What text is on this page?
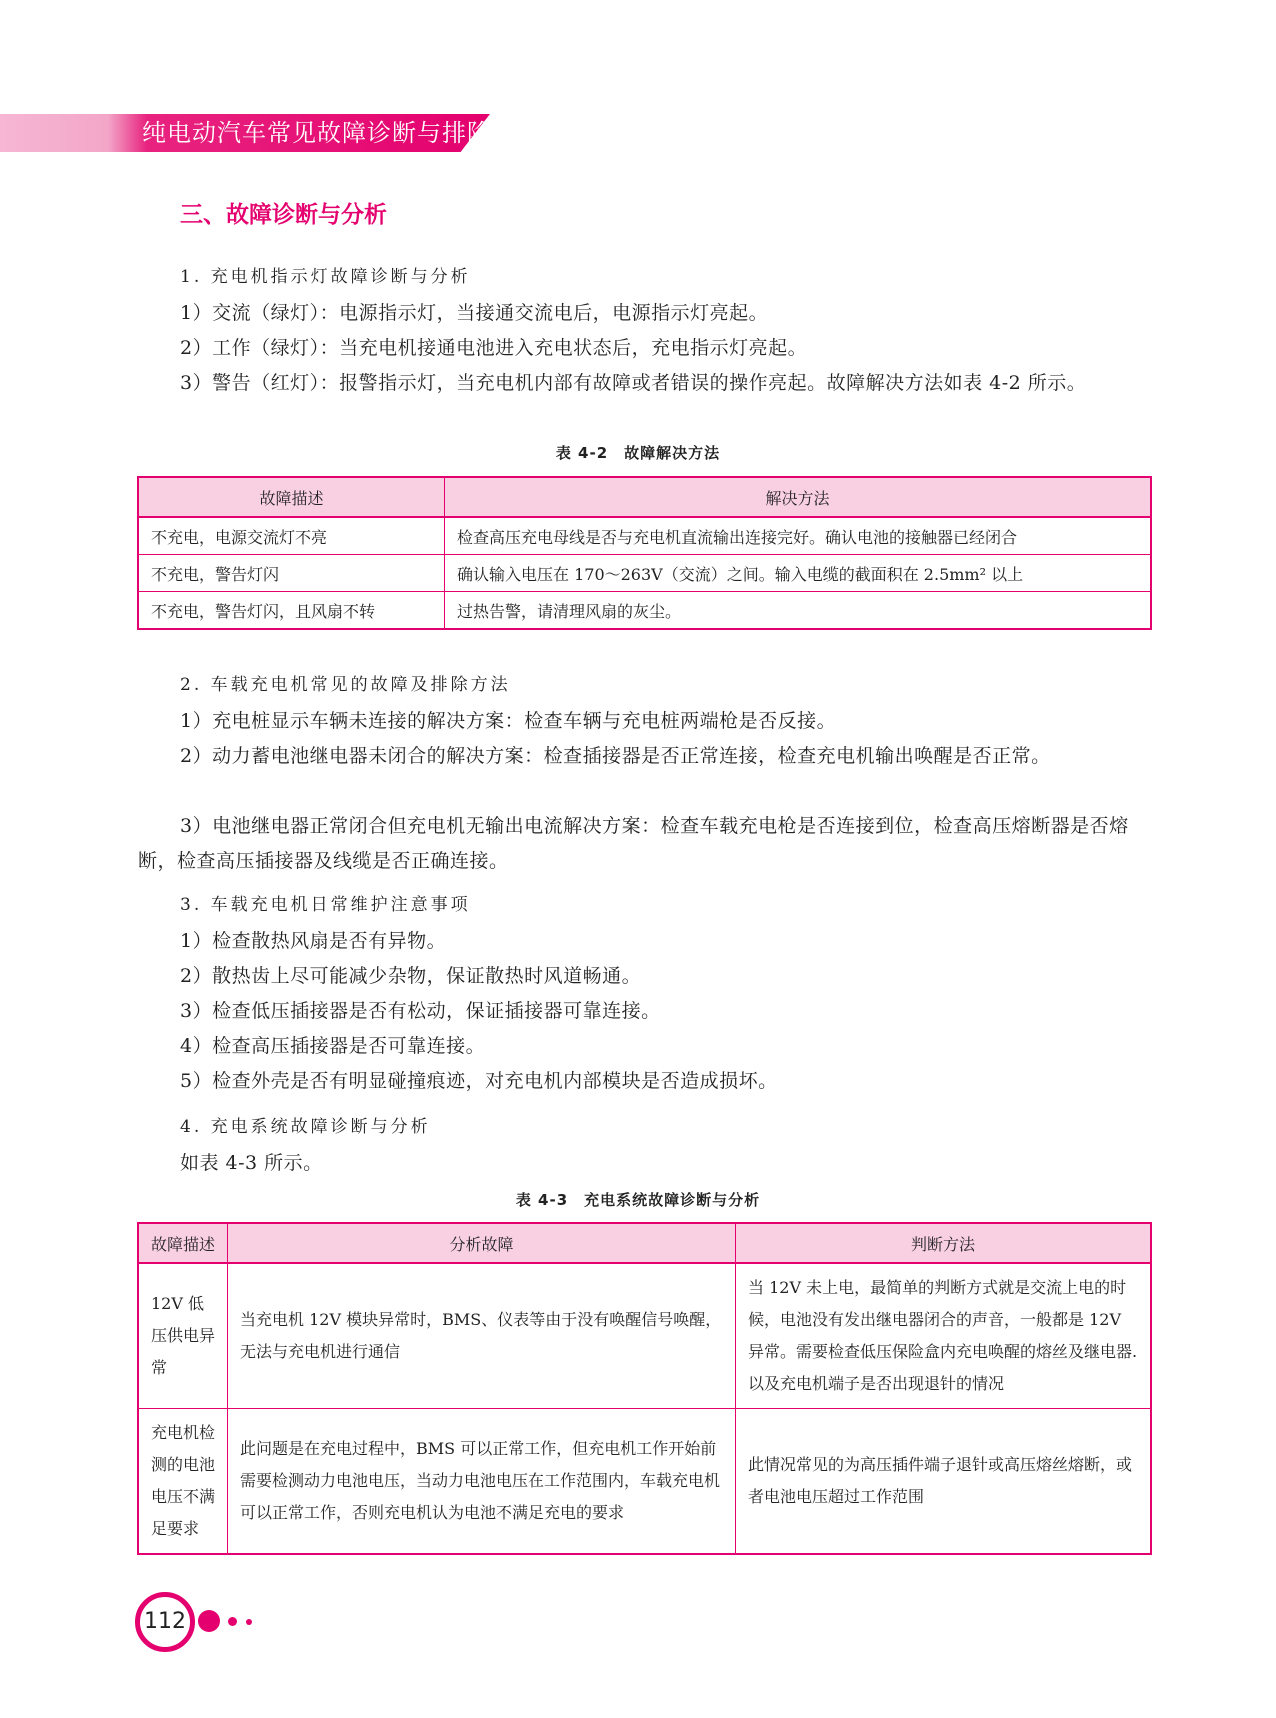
纯电动汽车常见故障诊断与排除
三、故障诊断与分析
1. 充电机指示灯故障诊断与分析
1）交流（绿灯）：电源指示灯，当接通交流电后，电源指示灯亮起。
2）工作（绿灯）：当充电机接通电池进入充电状态后，充电指示灯亮起。
3）警告（红灯）：报警指示灯，当充电机内部有故障或者错误的操作亮起。故障解决方法如表 4-2 所示。
表 4-2　故障解决方法
故障描述	解决方法
不充电，电源交流灯不亮	检查高压充电母线是否与充电机直流输出连接完好。确认电池的接触器已经闭合
不充电，警告灯闪	确认输入电压在 170～263V（交流）之间。输入电缆的截面积在 2.5mm² 以上
不充电，警告灯闪，且风扇不转	过热告警，请清理风扇的灰尘。
2. 车载充电机常见的故障及排除方法
1）充电桩显示车辆未连接的解决方案：检查车辆与充电桩两端枪是否反接。
2）动力蓄电池继电器未闭合的解决方案：检查插接器是否正常连接，检查充电机输出唤醒是否正常。
3）电池继电器正常闭合但充电机无输出电流解决方案：检查车载充电枪是否连接到位，检查高压熔断器是否熔断，检查高压插接器及线缆是否正确连接。
3. 车载充电机日常维护注意事项
1）检查散热风扇是否有异物。
2）散热齿上尽可能减少杂物，保证散热时风道畅通。
3）检查低压插接器是否有松动，保证插接器可靠连接。
4）检查高压插接器是否可靠连接。
5）检查外壳是否有明显碰撞痕迹，对充电机内部模块是否造成损坏。
4. 充电系统故障诊断与分析
如表 4-3 所示。
表 4-3　充电系统故障诊断与分析
故障描述	分析故障	判断方法
12V 低压供电异常	当充电机 12V 模块异常时，BMS、仪表等由于没有唤醒信号唤醒，无法与充电机进行通信	当 12V 未上电，最简单的判断方式就是交流上电的时候，电池没有发出继电器闭合的声音，一般都是 12V 异常。需要检查低压保险盒内充电唤醒的熔丝及继电器. 以及充电机端子是否出现退针的情况
充电机检测的电池电压不满足要求	此问题是在充电过程中，BMS 可以正常工作，但充电机工作开始前需要检测动力电池电压，当动力电池电压在工作范围内，车载充电机可以正常工作，否则充电机认为电池不满足充电的要求	此情况常见的为高压插件端子退针或高压熔丝熔断，或者电池电压超过工作范围
112
